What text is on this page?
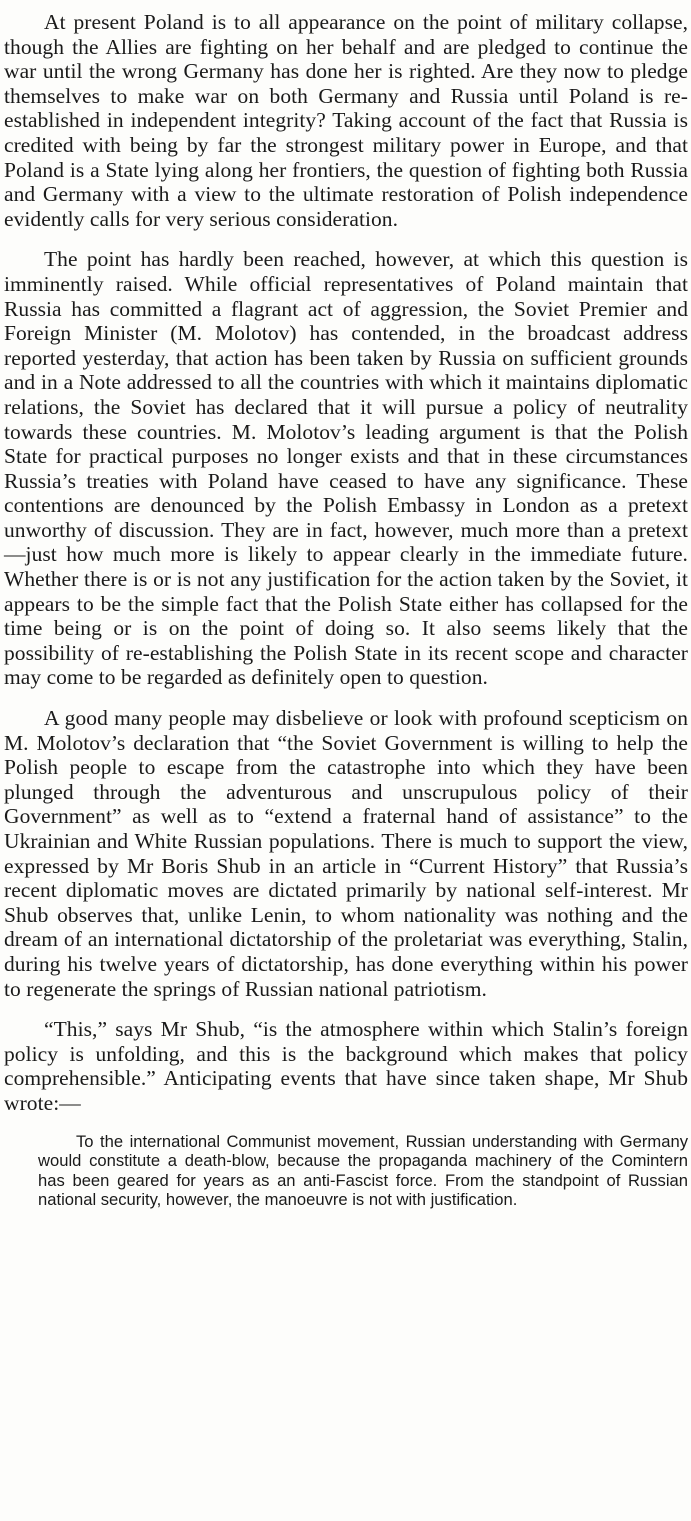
At present Poland is to all appearance on the point of military collapse, though the Allies are fighting on her behalf and are pledged to continue the war until the wrong Germany has done her is righted. Are they now to pledge themselves to make war on both Germany and Russia until Poland is re-established in independent integrity? Taking account of the fact that Russia is credited with being by far the strongest military power in Europe, and that Poland is a State lying along her frontiers, the question of fighting both Russia and Germany with a view to the ultimate restoration of Polish independence evidently calls for very serious consideration.

The point has hardly been reached, however, at which this question is imminently raised. While official representatives of Poland maintain that Russia has committed a flagrant act of aggression, the Soviet Premier and Foreign Minister (M. Molotov) has contended, in the broadcast address reported yesterday, that action has been taken by Russia on sufficient grounds and in a Note addressed to all the countries with which it maintains diplomatic relations, the Soviet has declared that it will pursue a policy of neutrality towards these countries. M. Molotov’s leading argument is that the Polish State for practical purposes no longer exists and that in these circumstances Russia’s treaties with Poland have ceased to have any significance. These contentions are denounced by the Polish Embassy in London as a pretext unworthy of discussion. They are in fact, however, much more than a pretext—just how much more is likely to appear clearly in the immediate future. Whether there is or is not any justification for the action taken by the Soviet, it appears to be the simple fact that the Polish State either has collapsed for the time being or is on the point of doing so. It also seems likely that the possibility of re-establishing the Polish State in its recent scope and character may come to be regarded as definitely open to question.

A good many people may disbelieve or look with profound scepticism on M. Molotov’s declaration that “the Soviet Government is willing to help the Polish people to escape from the catastrophe into which they have been plunged through the adventurous and unscrupulous policy of their Government” as well as to “extend a fraternal hand of assistance” to the Ukrainian and White Russian populations. There is much to support the view, expressed by Mr Boris Shub in an article in “Current History” that Russia’s recent diplomatic moves are dictated primarily by national self-interest. Mr Shub observes that, unlike Lenin, to whom nationality was nothing and the dream of an international dictatorship of the proletariat was everything, Stalin, during his twelve years of dictatorship, has done everything within his power to regenerate the springs of Russian national patriotism.

“This,” says Mr Shub, “is the atmosphere within which Stalin’s foreign policy is unfolding, and this is the background which makes that policy comprehensible.” Anticipating events that have since taken shape, Mr Shub wrote:—

To the international Communist movement, Russian understanding with Germany would constitute a death-blow, because the propaganda machinery of the Comintern has been geared for years as an anti-Fascist force. From the standpoint of Russian national security, however, the manoeuvre is not with justification.
